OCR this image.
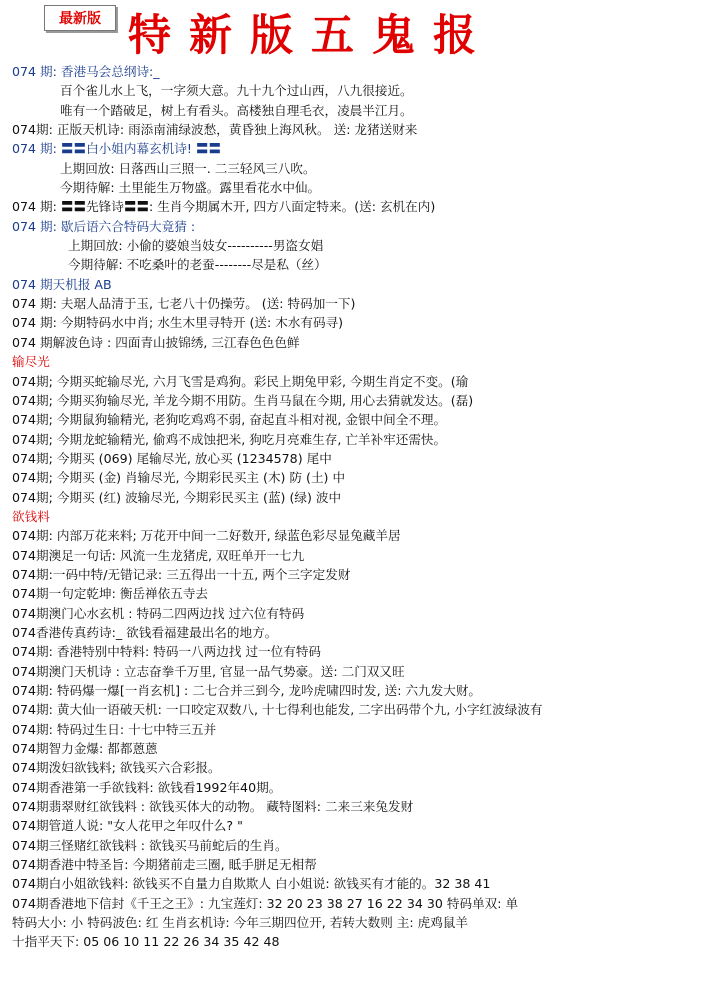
最新版 特新版五鬼报
074 期: 香港马会总纲诗:_
百个雀儿水上飞，一字须大意。九十九个过山西，八九很接近。
唯有一个踏破足，树上有看头。高楼独自理毛衣，凌晨半江月。
074期: 正版天机诗: 雨添南浦绿波愁，黄昏独上海风秋。 送: 龙猪送财来
074 期: 〓〓白小姐内幕玄机诗! 〓〓
上期回放: 日落西山三照一. 二三轻风三八吹。
今期待解: 土里能生万物盛。露里看花水中仙。
074 期: 〓〓先锋诗〓〓: 生肖今期属木开, 四方八面定特来。(送: 玄机在内)
074 期: 歇后语六合特码大竟猜 :
上期回放: 小偷的婆娘当妓女----------男盗女娼
今期待解: 不吃桑叶的老蚕--------尽是私（丝）
074 期天机报 AB
074 期: 夫琚人品清于玉, 七老八十仍操劳。 (送: 特码加一下)
074 期: 今期特码水中肖; 水生木里寻特开 (送: 木水有码寻)
074 期解波色诗 : 四面青山披锦绣, 三江春色色色鲜
输尽光
074期; 今期买蛇输尽光, 六月飞雪是鸡狗。彩民上期兔甲彩, 今期生肖定不变。(瑜
074期; 今期买狗输尽光, 羊龙今期不用防。生肖马鼠在今期, 用心去猜就发达。(磊)
074期; 今期鼠狗输精光, 老狗吃鸡鸡不弱, 奋起直斗相对视, 金银中间全不理。
074期; 今期龙蛇输精光, 偷鸡不成蚀把米, 狗吃月亮难生存, 亡羊补牢还需快。
074期; 今期买 (069) 尾输尽光, 放心买 (1234578) 尾中
074期; 今期买 (金) 肖输尽光, 今期彩民买主 (木) 防 (土) 中
074期; 今期买 (红) 波输尽光, 今期彩民买主 (蓝) (绿) 波中
欲钱料
074期: 内部万花来料; 万花开中间一二好数开, 绿蓝色彩尽显兔藏羊居
074期澳足一句话: 风流一生龙猪虎, 双旺单开一七九
074期:一码中特/无错记录: 三五得出一十五, 两个三字定发财
074期一句定乾坤: 衡岳禅依五寺去
074期澳门心水玄机 : 特码二四两边找 过六位有特码
074香港传真药诗:_ 欲钱看福建最出名的地方。
074期: 香港特别中特料: 特码一八两边找 过一位有特码
074期澳门天机诗 : 立志奋拳千万里, 官显一品气势豪。送: 二门双又旺
074期: 特码爆一爆[一肖玄机] : 二七合并三到今, 龙吟虎啸四时发, 送: 六九发大财。
074期: 黄大仙一语破天机: 一口咬定双数八, 十七得利也能发, 二字出码带个九, 小字红波绿波有
074期: 特码过生日: 十七中特三五并
074期智力金爆: 都都蒽蒽
074期泼妇欲钱料; 欲钱买六合彩报。
074期香港第一手欲钱料: 欲钱看1992年40期。
074期翡翠财红欲钱料 : 欲钱买体大的动物。 藏特图料: 二来三来兔发财
074期管道人说: "女人花甲之年叹什么? "
074期三怪赌红欲钱料 : 欲钱买马前蛇后的生肖。
074期香港中特圣旨: 今期猪前走三圈, 眡手胼足无相帮
074期白小姐欲钱料: 欲钱买不自量力自欺欺人 白小姐说: 欲钱买有才能的。32 38 41
074期香港地下信封《千王之王》: 九宝莲灯: 32 20 23 38 27 16 22 34 30 特码单双: 单
特码大小: 小 特码波色: 红 生肖玄机诗: 今年三期四位开, 若转大数则 主: 虎鸡鼠羊
十指平天下: 05 06 10 11 22 26 34 35 42 48
